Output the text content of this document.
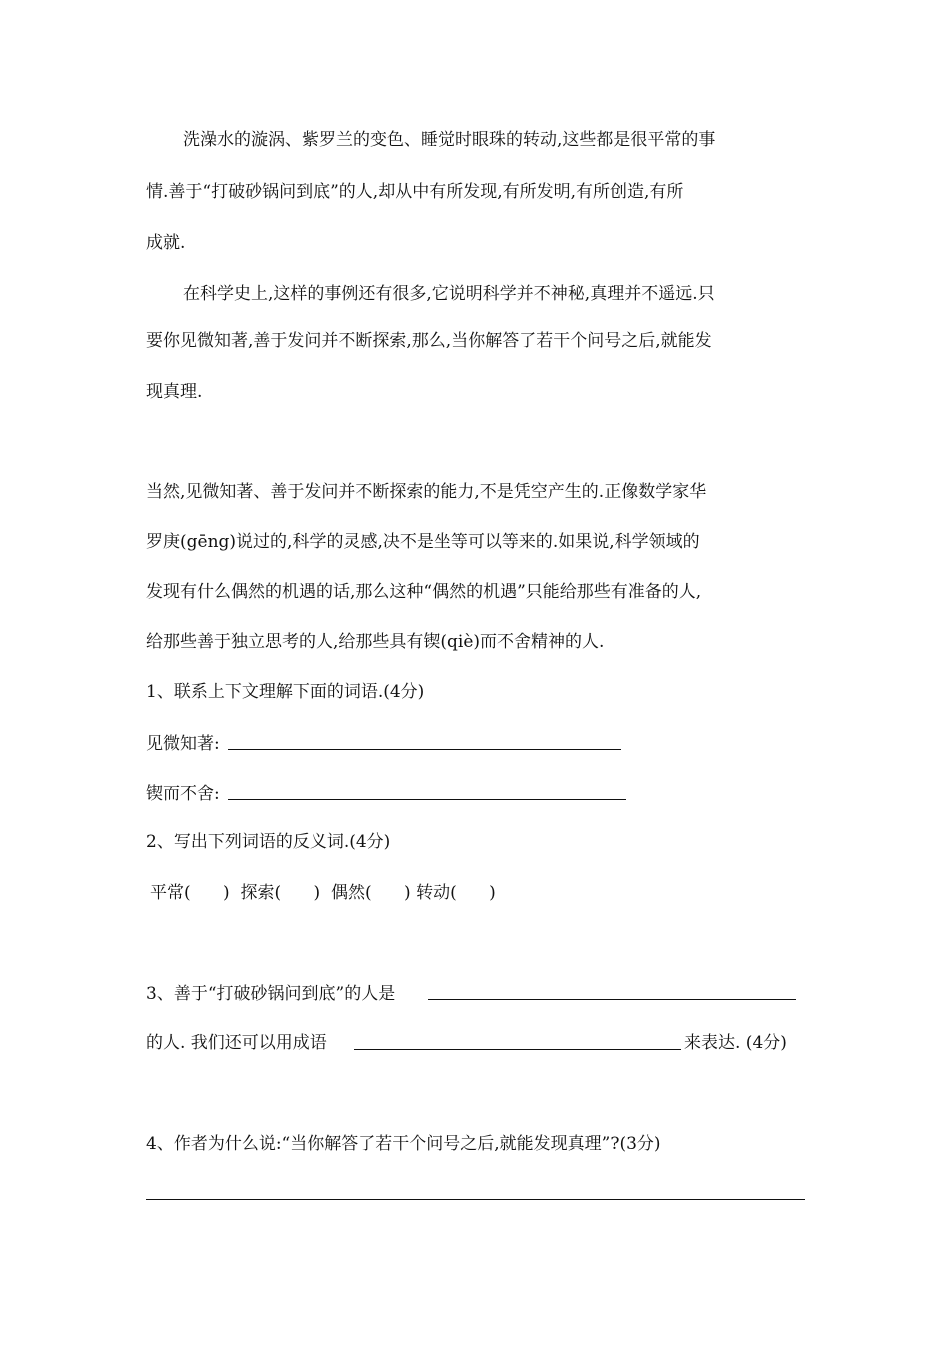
洗澡水的漩涡、紫罗兰的变色、睡觉时眼珠的转动,这些都是很平常的事
情.善于“打破砂锅问到底”的人,却从中有所发现,有所发明,有所创造,有所
成就.
在科学史上,这样的事例还有很多,它说明科学并不神秘,真理并不遥远.只
要你见微知著,善于发问并不断探索,那么,当你解答了若干个问号之后,就能发
现真理.
当然,见微知著、善于发问并不断探索的能力,不是凭空产生的.正像数学家华
罗庚(gēng)说过的,科学的灵感,决不是坐等可以等来的.如果说,科学领域的
发现有什么偶然的机遇的话,那么这种“偶然的机遇”只能给那些有准备的人,
给那些善于独立思考的人,给那些具有锲(qiè)而不舍精神的人.
1、联系上下文理解下面的词语.(4分)
见微知著:
锲而不舍:
2、写出下列词语的反义词.(4分)
平常(      )  探索(      )  偶然(      ) 转动(      )
3、善于“打破砂锅问到底”的人是
的人. 我们还可以用成语	来表达. (4分)
4、作者为什么说:“当你解答了若干个问号之后,就能发现真理”?(3分)
